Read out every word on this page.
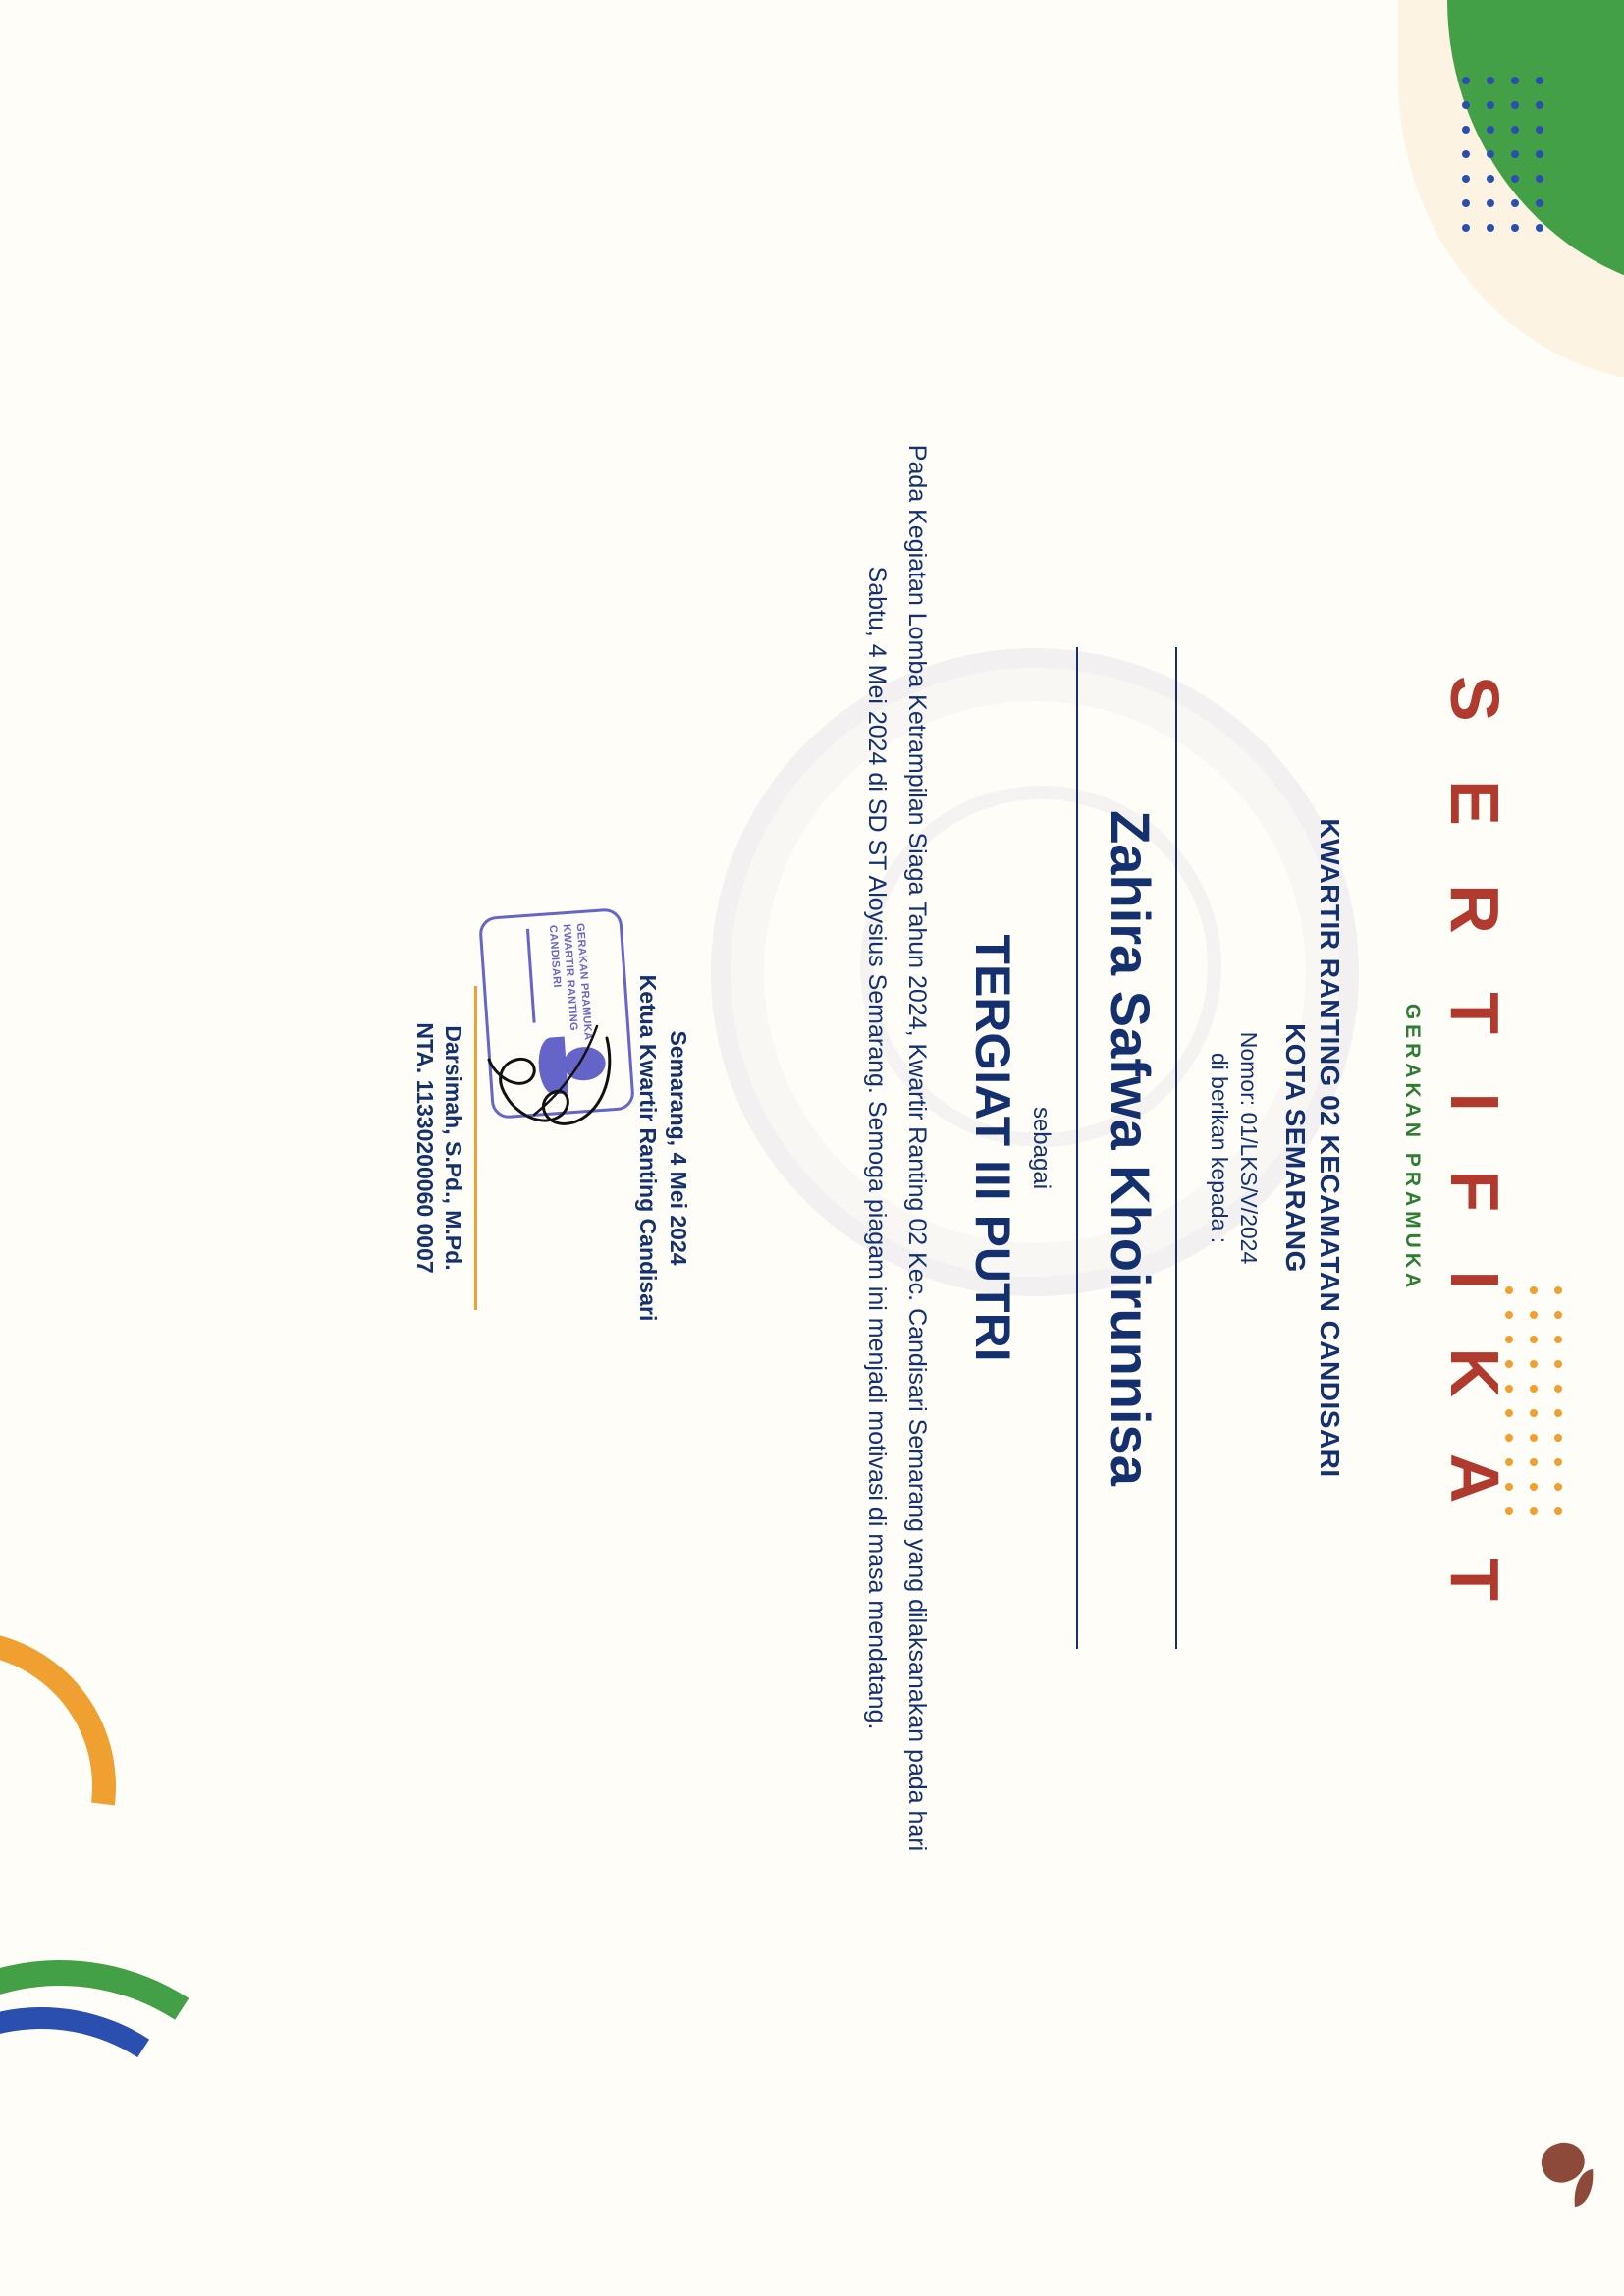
S E R T I F I K A T
GERAKAN PRAMUKA
KWARTIR RANTING 02 KECAMATAN CANDISARI
KOTA SEMARANG
Nomor: 01/LKS/V/2024
di berikan kepada :
Zahira Safwa Khoirunnisa
sebagai
TERGIAT III PUTRI
Pada Kegiatan Lomba Ketrampilan Siaga Tahun 2024, Kwartir Ranting 02 Kec. Candisari Semarang yang dilaksanakan pada hari Sabtu, 4 Mei 2024 di SD ST Aloysius Semarang. Semoga piagam ini menjadi motivasi di masa mendatang.
Semarang, 4 Mei 2024
Ketua Kwartir Ranting Candisari
GERAKAN PRAMUKA
KWARTIR RANTING
CANDISARI
Darsimah, S.Pd., M.Pd.
NTA. 11330200060 0007
